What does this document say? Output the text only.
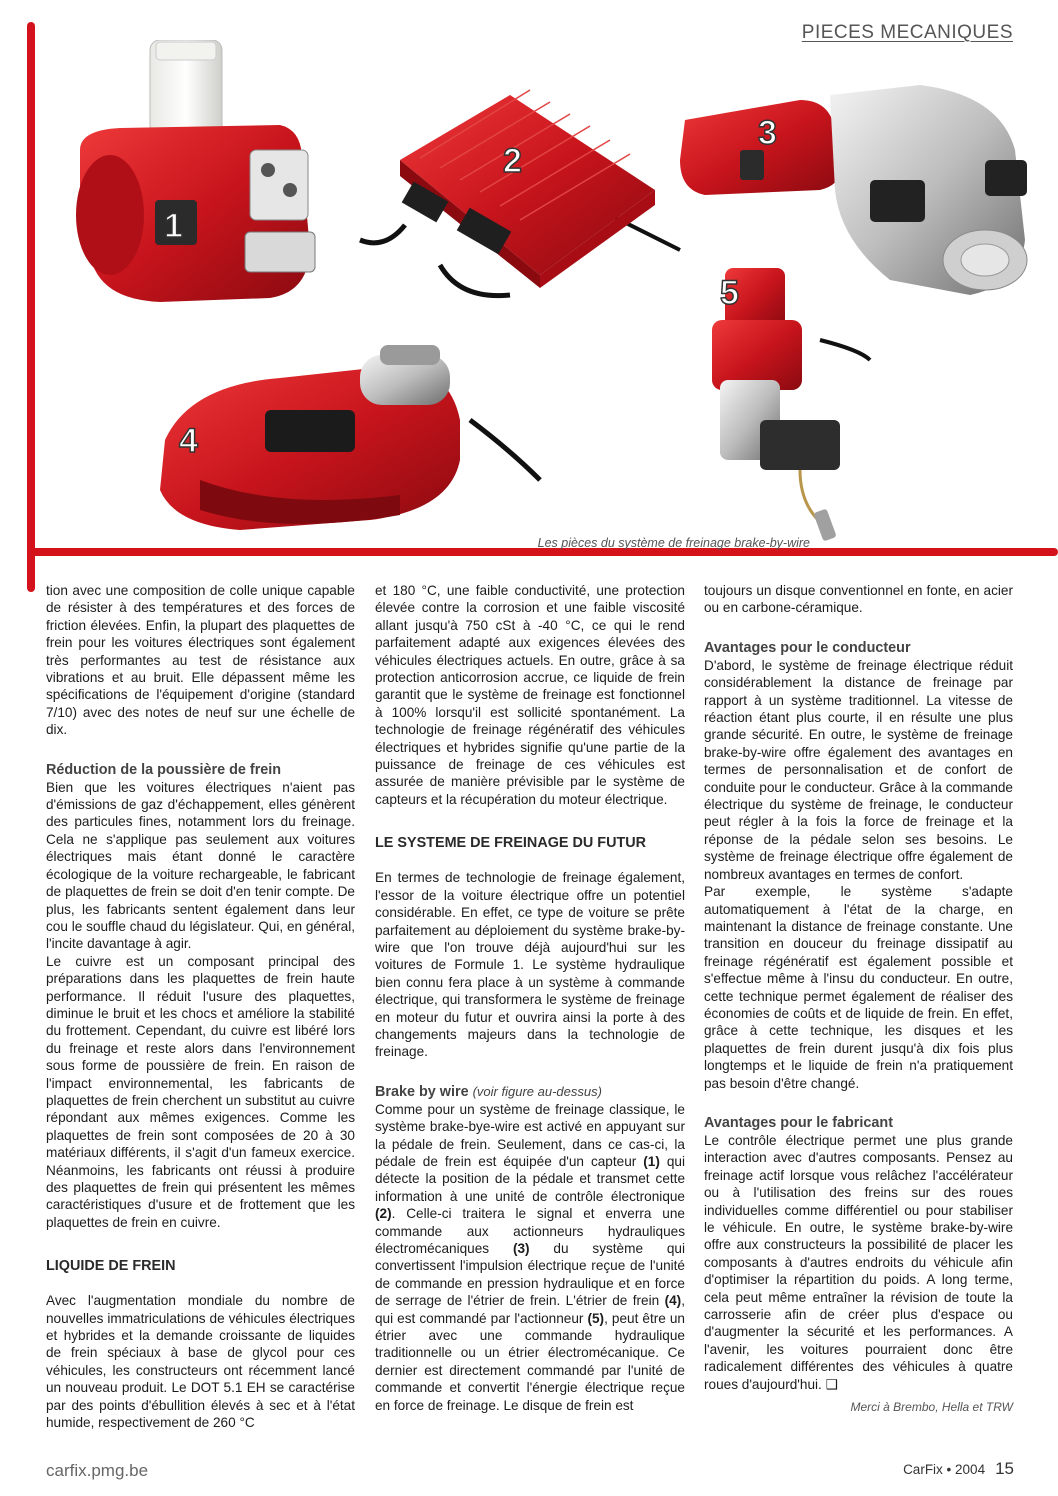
PIECES MECANIQUES
1
2
3
4
5
Les pièces du système de freinage brake-by-wire

tion avec une composition de colle unique capable de résister à des températures et des forces de friction élevées. Enfin, la plupart des plaquettes de frein pour les voitures électriques sont également très performantes au test de résistance aux vibrations et au bruit. Elle dépassent même les spécifications de l'équipement d'origine (standard 7/10) avec des notes de neuf sur une échelle de dix.

Réduction de la poussière de frein

Bien que les voitures électriques n'aient pas d'émissions de gaz d'échappement, elles génèrent des particules fines, notamment lors du freinage. Cela ne s'applique pas seulement aux voitures électriques mais étant donné le caractère écologique de la voiture rechargeable, le fabricant de plaquettes de frein se doit d'en tenir compte. De plus, les fabricants sentent également dans leur cou le souffle chaud du législateur. Qui, en général, l'incite davantage à agir.

Le cuivre est un composant principal des préparations dans les plaquettes de frein haute performance. Il réduit l'usure des plaquettes, diminue le bruit et les chocs et améliore la stabilité du frottement. Cependant, du cuivre est libéré lors du freinage et reste alors dans l'environnement sous forme de poussière de frein. En raison de l'impact environnemental, les fabricants de plaquettes de frein cherchent un substitut au cuivre répondant aux mêmes exigences. Comme les plaquettes de frein sont composées de 20 à 30 matériaux différents, il s'agit d'un fameux exercice. Néanmoins, les fabricants ont réussi à produire des plaquettes de frein qui présentent les mêmes caractéristiques d'usure et de frottement que les plaquettes de frein en cuivre.

LIQUIDE DE FREIN

Avec l'augmentation mondiale du nombre de nouvelles immatriculations de véhicules électriques et hybrides et la demande croissante de liquides de frein spéciaux à base de glycol pour ces véhicules, les constructeurs ont récemment lancé un nouveau produit. Le DOT 5.1 EH se caractérise par des points d'ébullition élevés à sec et à l'état humide, respectivement de 260 °C

et 180 °C, une faible conductivité, une protection élevée contre la corrosion et une faible viscosité allant jusqu'à 750 cSt à -40 °C, ce qui le rend parfaitement adapté aux exigences élevées des véhicules électriques actuels. En outre, grâce à sa protection anticorrosion accrue, ce liquide de frein garantit que le système de freinage est fonctionnel à 100% lorsqu'il est sollicité spontanément. La technologie de freinage régénératif des véhicules électriques et hybrides signifie qu'une partie de la puissance de freinage de ces véhicules est assurée de manière prévisible par le système de capteurs et la récupération du moteur électrique.

LE SYSTEME DE FREINAGE DU FUTUR

En termes de technologie de freinage également, l'essor de la voiture électrique offre un potentiel considérable. En effet, ce type de voiture se prête parfaitement au déploiement du système brake-by-wire que l'on trouve déjà aujourd'hui sur les voitures de Formule 1. Le système hydraulique bien connu fera place à un système à commande électrique, qui transformera le système de freinage en moteur du futur et ouvrira ainsi la porte à des changements majeurs dans la technologie de freinage.

Brake by wire (voir figure au-dessus)

Comme pour un système de freinage classique, le système brake-bye-wire est activé en appuyant sur la pédale de frein. Seulement, dans ce cas-ci, la pédale de frein est équipée d'un capteur (1) qui détecte la position de la pédale et transmet cette information à une unité de contrôle électronique (2). Celle-ci traitera le signal et enverra une commande aux actionneurs hydrauliques électromécaniques (3) du système qui convertissent l'impulsion électrique reçue de l'unité de commande en pression hydraulique et en force de serrage de l'étrier de frein. L'étrier de frein (4), qui est commandé par l'actionneur (5), peut être un étrier avec une commande hydraulique traditionnelle ou un étrier électromécanique. Ce dernier est directement commandé par l'unité de commande et convertit l'énergie électrique reçue en force de freinage. Le disque de frein est

toujours un disque conventionnel en fonte, en acier ou en carbone-céramique.

Avantages pour le conducteur

D'abord, le système de freinage électrique réduit considérablement la distance de freinage par rapport à un système traditionnel. La vitesse de réaction étant plus courte, il en résulte une plus grande sécurité. En outre, le système de freinage brake-by-wire offre également des avantages en termes de personnalisation et de confort de conduite pour le conducteur. Grâce à la commande électrique du système de freinage, le conducteur peut régler à la fois la force de freinage et la réponse de la pédale selon ses besoins. Le système de freinage électrique offre également de nombreux avantages en termes de confort.

Par exemple, le système s'adapte automatiquement à l'état de la charge, en maintenant la distance de freinage constante. Une transition en douceur du freinage dissipatif au freinage régénératif est également possible et s'effectue même à l'insu du conducteur. En outre, cette technique permet également de réaliser des économies de coûts et de liquide de frein. En effet, grâce à cette technique, les disques et les plaquettes de frein durent jusqu'à dix fois plus longtemps et le liquide de frein n'a pratiquement pas besoin d'être changé.

Avantages pour le fabricant

Le contrôle électrique permet une plus grande interaction avec d'autres composants. Pensez au freinage actif lorsque vous relâchez l'accélérateur ou à l'utilisation des freins sur des roues individuelles comme différentiel ou pour stabiliser le véhicule. En outre, le système brake-by-wire offre aux constructeurs la possibilité de placer les composants à d'autres endroits du véhicule afin d'optimiser la répartition du poids. A long terme, cela peut même entraîner la révision de toute la carrosserie afin de créer plus d'espace ou d'augmenter la sécurité et les performances. A l'avenir, les voitures pourraient donc être radicalement différentes des véhicules à quatre roues d'aujourd'hui. ❑

Merci à Brembo, Hella et TRW
carfix.pmg.be	CarFix • 2004 15
